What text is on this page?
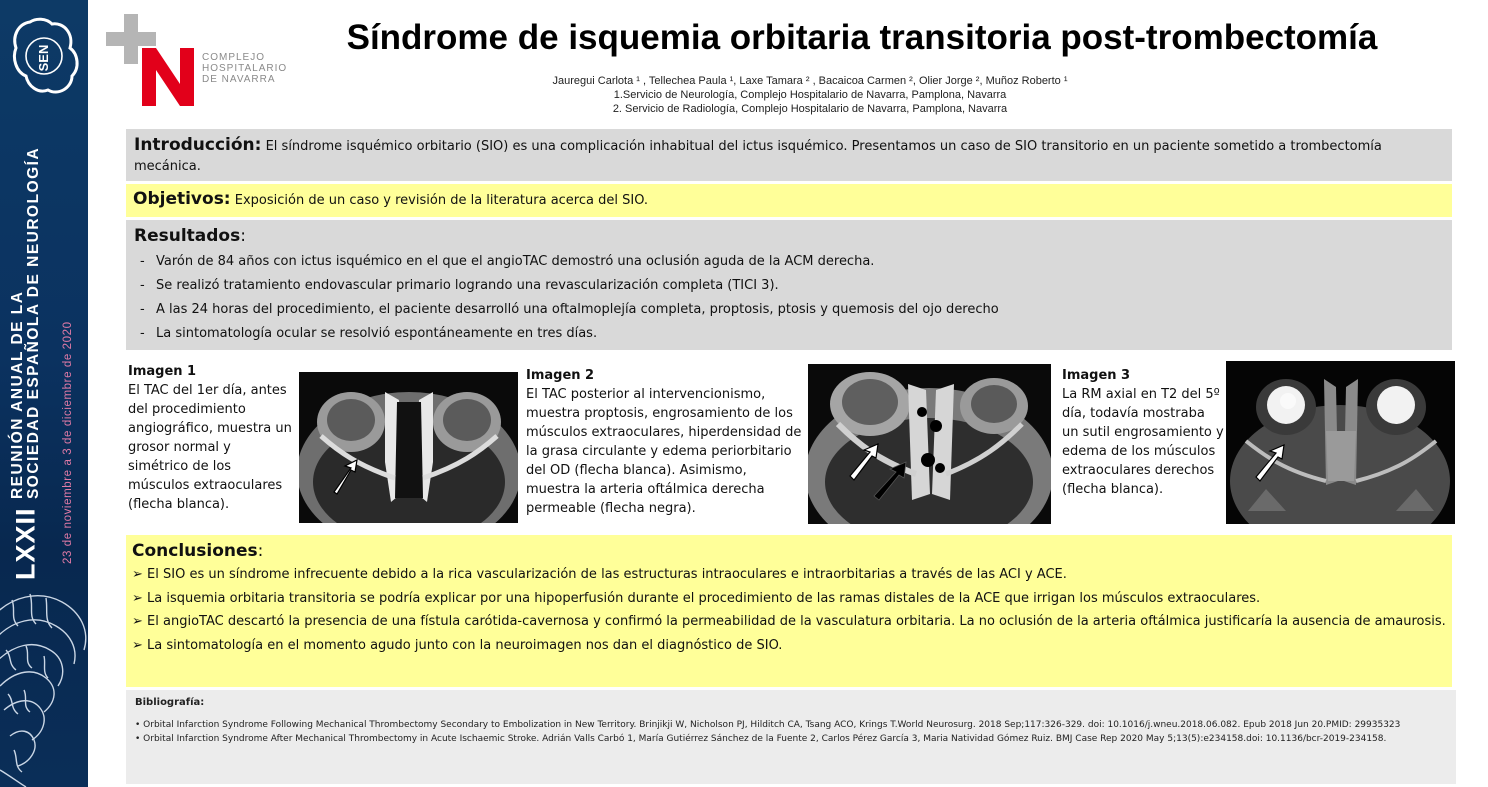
SEN
LXXII
REUNIÓN ANUAL DE LA SOCIEDAD ESPAÑOLA DE NEUROLOGÍA 23 de noviembre a 3 de diciembre de 2020
COMPLEJO
HOSPITALARIO
DE NAVARRA
Síndrome de isquemia orbitaria transitoria post-trombectomía
Jauregui Carlota ¹ , Tellechea Paula ¹, Laxe Tamara ² , Bacaicoa Carmen ², Olier Jorge ², Muñoz Roberto ¹
1.Servicio de Neurología, Complejo Hospitalario de Navarra, Pamplona, Navarra
2. Servicio de Radiología, Complejo Hospitalario de Navarra, Pamplona, Navarra
Introducción: El síndrome isquémico orbitario (SIO) es una complicación inhabitual del ictus isquémico. Presentamos un caso de SIO transitorio en un paciente sometido a trombectomía mecánica.
Objetivos: Exposición de un caso y revisión de la literatura acerca del SIO.
Resultados:
- Varón de 84 años con ictus isquémico en el que el angioTAC demostró una oclusión aguda de la ACM derecha.
- Se realizó tratamiento endovascular primario logrando una revascularización completa (TICI 3).
- A las 24 horas del procedimiento, el paciente desarrolló una oftalmoplejía completa, proptosis, ptosis y quemosis del ojo derecho
- La sintomatología ocular se resolvió espontáneamente en tres días.
Imagen 1
El TAC del 1er día, antes del procedimiento angiográfico, muestra un grosor normal y simétrico de los músculos extraoculares (flecha blanca).
Imagen 2
El TAC posterior al intervencionismo, muestra proptosis, engrosamiento de los músculos extraoculares, hiperdensidad de la grasa circulante y edema periorbitario del OD (flecha blanca). Asimismo, muestra la arteria oftálmica derecha permeable (flecha negra).
Imagen 3
La RM axial en T2 del 5º día, todavía mostraba un sutil engrosamiento y edema de los músculos extraoculares derechos (flecha blanca).
Conclusiones:
➢ El SIO es un síndrome infrecuente debido a la rica vascularización de las estructuras intraoculares e intraorbitarias a través de las ACI y ACE.
➢ La isquemia orbitaria transitoria se podría explicar por una hipoperfusión durante el procedimiento de las ramas distales de la ACE que irrigan los músculos extraoculares.
➢ El angioTAC descartó la presencia de una fístula carótida-cavernosa y confirmó la permeabilidad de la vasculatura orbitaria. La no oclusión de la arteria oftálmica justificaría la ausencia de amaurosis.
➢ La sintomatología en el momento agudo junto con la neuroimagen nos dan el diagnóstico de SIO.
Bibliografía:
• Orbital Infarction Syndrome Following Mechanical Thrombectomy Secondary to Embolization in New Territory. Brinjikji W, Nicholson PJ, Hilditch CA, Tsang ACO, Krings T.World Neurosurg. 2018 Sep;117:326-329. doi: 10.1016/j.wneu.2018.06.082. Epub 2018 Jun 20.PMID: 29935323
• Orbital Infarction Syndrome After Mechanical Thrombectomy in Acute Ischaemic Stroke. Adrián Valls Carbó 1, María Gutiérrez Sánchez de la Fuente 2, Carlos Pérez García 3, Maria Natividad Gómez Ruiz. BMJ Case Rep 2020 May 5;13(5):e234158.doi: 10.1136/bcr-2019-234158.
